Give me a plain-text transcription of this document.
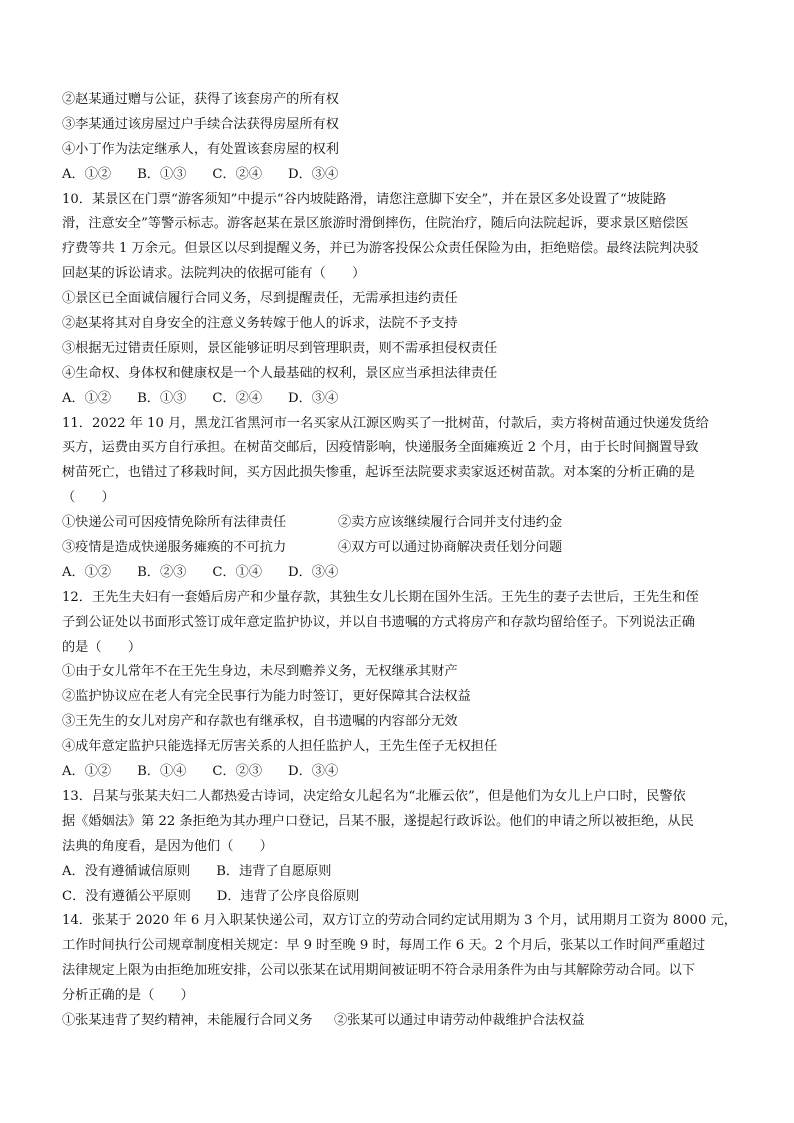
②赵某通过赠与公证，获得了该套房产的所有权
③李某通过该房屋过户手续合法获得房屋所有权
④小丁作为法定继承人，有处置该套房屋的权利
A．①② B．①③ C．②④ D．③④
10．某景区在门票“游客须知”中提示“谷内坡陡路滑，请您注意脚下安全”，并在景区多处设置了“坡陡路
滑，注意安全”等警示标志。游客赵某在景区旅游时滑倒摔伤，住院治疗，随后向法院起诉，要求景区赔偿医
疗费等共 1 万余元。但景区以尽到提醒义务，并已为游客投保公众责任保险为由，拒绝赔偿。最终法院判决驳
回赵某的诉讼请求。法院判决的依据可能有（　　）
①景区已全面诚信履行合同义务，尽到提醒责任，无需承担违约责任
②赵某将其对自身安全的注意义务转嫁于他人的诉求，法院不予支持
③根据无过错责任原则，景区能够证明尽到管理职责，则不需承担侵权责任
④生命权、身体权和健康权是一个人最基础的权利，景区应当承担法律责任
A．①② B．①③ C．②④ D．③④
11．2022 年 10 月，黑龙江省黑河市一名买家从江源区购买了一批树苗，付款后，卖方将树苗通过快递发货给
买方，运费由买方自行承担。在树苗交邮后，因疫情影响，快递服务全面瘫痪近 2 个月，由于长时间搁置导致
树苗死亡，也错过了移栽时间，买方因此损失惨重，起诉至法院要求卖家返还树苗款。对本案的分析正确的是
（　　）
①快递公司可因疫情免除所有法律责任	②卖方应该继续履行合同并支付违约金
③疫情是造成快递服务瘫痪的不可抗力	④双方可以通过协商解决责任划分问题
A．①② B．②③ C．①④ D．③④
12．王先生夫妇有一套婚后房产和少量存款，其独生女儿长期在国外生活。王先生的妻子去世后，王先生和侄
子到公证处以书面形式签订成年意定监护协议，并以自书遗嘱的方式将房产和存款均留给侄子。下列说法正确
的是（　　）
①由于女儿常年不在王先生身边，未尽到赡养义务，无权继承其财产
②监护协议应在老人有完全民事行为能力时签订，更好保障其合法权益
③王先生的女儿对房产和存款也有继承权，自书遗嘱的内容部分无效
④成年意定监护只能选择无厉害关系的人担任监护人，王先生侄子无权担任
A．①② B．①④ C．②③ D．③④
13．吕某与张某夫妇二人都热爱古诗词，决定给女儿起名为“北雁云依”，但是他们为女儿上户口时，民警依
据《婚姻法》第 22 条拒绝为其办理户口登记，吕某不服，遂提起行政诉讼。他们的申请之所以被拒绝，从民
法典的角度看，是因为他们（　　）
A．没有遵循诚信原则 B．违背了自愿原则
C．没有遵循公平原则 D．违背了公序良俗原则
14．张某于 2020 年 6 月入职某快递公司，双方订立的劳动合同约定试用期为 3 个月，试用期月工资为 8000 元，
工作时间执行公司规章制度相关规定：早 9 时至晚 9 时，每周工作 6 天。2 个月后，张某以工作时间严重超过
法律规定上限为由拒绝加班安排，公司以张某在试用期间被证明不符合录用条件为由与其解除劳动合同。以下
分析正确的是（　　）
①张某违背了契约精神，未能履行合同义务 ②张某可以通过申请劳动仲裁维护合法权益
